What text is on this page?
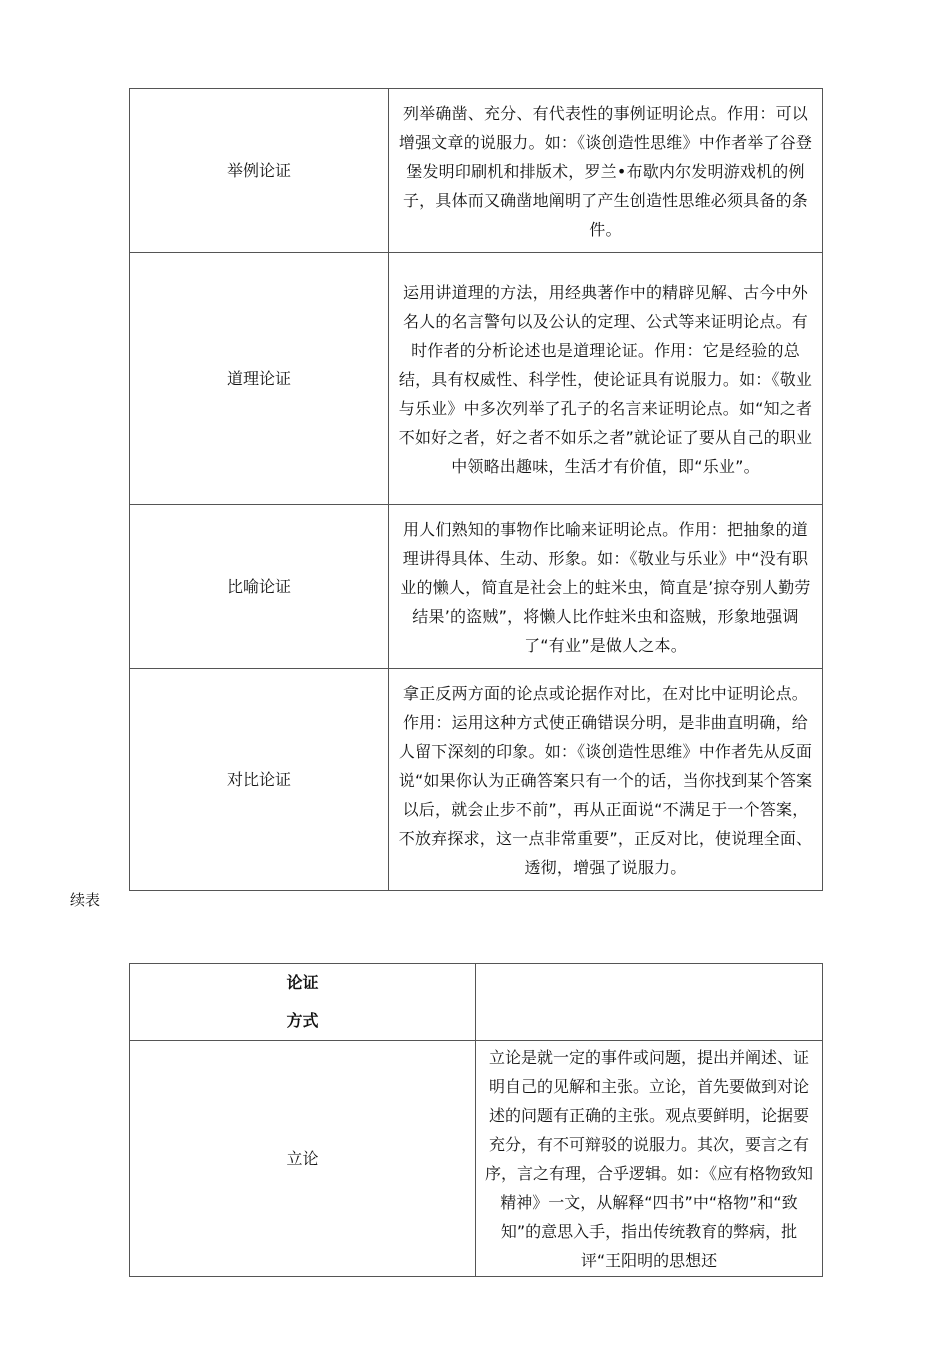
举例论证	列举确凿、充分、有代表性的事例证明论点。作用：可以增强文章的说服力。如：《谈创造性思维》中作者举了谷登堡发明印刷机和排版术，罗兰•布歇内尔发明游戏机的例子，具体而又确凿地阐明了产生创造性思维必须具备的条件。
道理论证	运用讲道理的方法，用经典著作中的精辟见解、古今中外名人的名言警句以及公认的定理、公式等来证明论点。有时作者的分析论述也是道理论证。作用：它是经验的总结，具有权威性、科学性，使论证具有说服力。如：《敬业与乐业》中多次列举了孔子的名言来证明论点。如“知之者不如好之者，好之者不如乐之者”就论证了要从自己的职业中领略出趣味，生活才有价值，即“乐业”。
比喻论证	用人们熟知的事物作比喻来证明论点。作用：把抽象的道理讲得具体、生动、形象。如：《敬业与乐业》中“没有职业的懒人，简直是社会上的蛀米虫，简直是’掠夺别人勤劳结果’的盗贼”，将懒人比作蛀米虫和盗贼，形象地强调了“有业”是做人之本。
对比论证	拿正反两方面的论点或论据作对比，在对比中证明论点。作用：运用这种方式使正确错误分明，是非曲直明确，给人留下深刻的印象。如：《谈创造性思维》中作者先从反面说“如果你认为正确答案只有一个的话，当你找到某个答案以后，就会止步不前”，再从正面说“不满足于一个答案，不放弃探求，这一点非常重要”，正反对比，使说理全面、透彻，增强了说服力。
续表
论证
方式	

立论	立论是就一定的事件或问题，提出并阐述、证明自己的见解和主张。立论，首先要做到对论述的问题有正确的主张。观点要鲜明，论据要充分，有不可辩驳的说服力。其次，要言之有序，言之有理，合乎逻辑。如：《应有格物致知精神》一文，从解释“四书”中“格物”和“致知”的意思入手，指出传统教育的弊病，批评“王阳明的思想还
